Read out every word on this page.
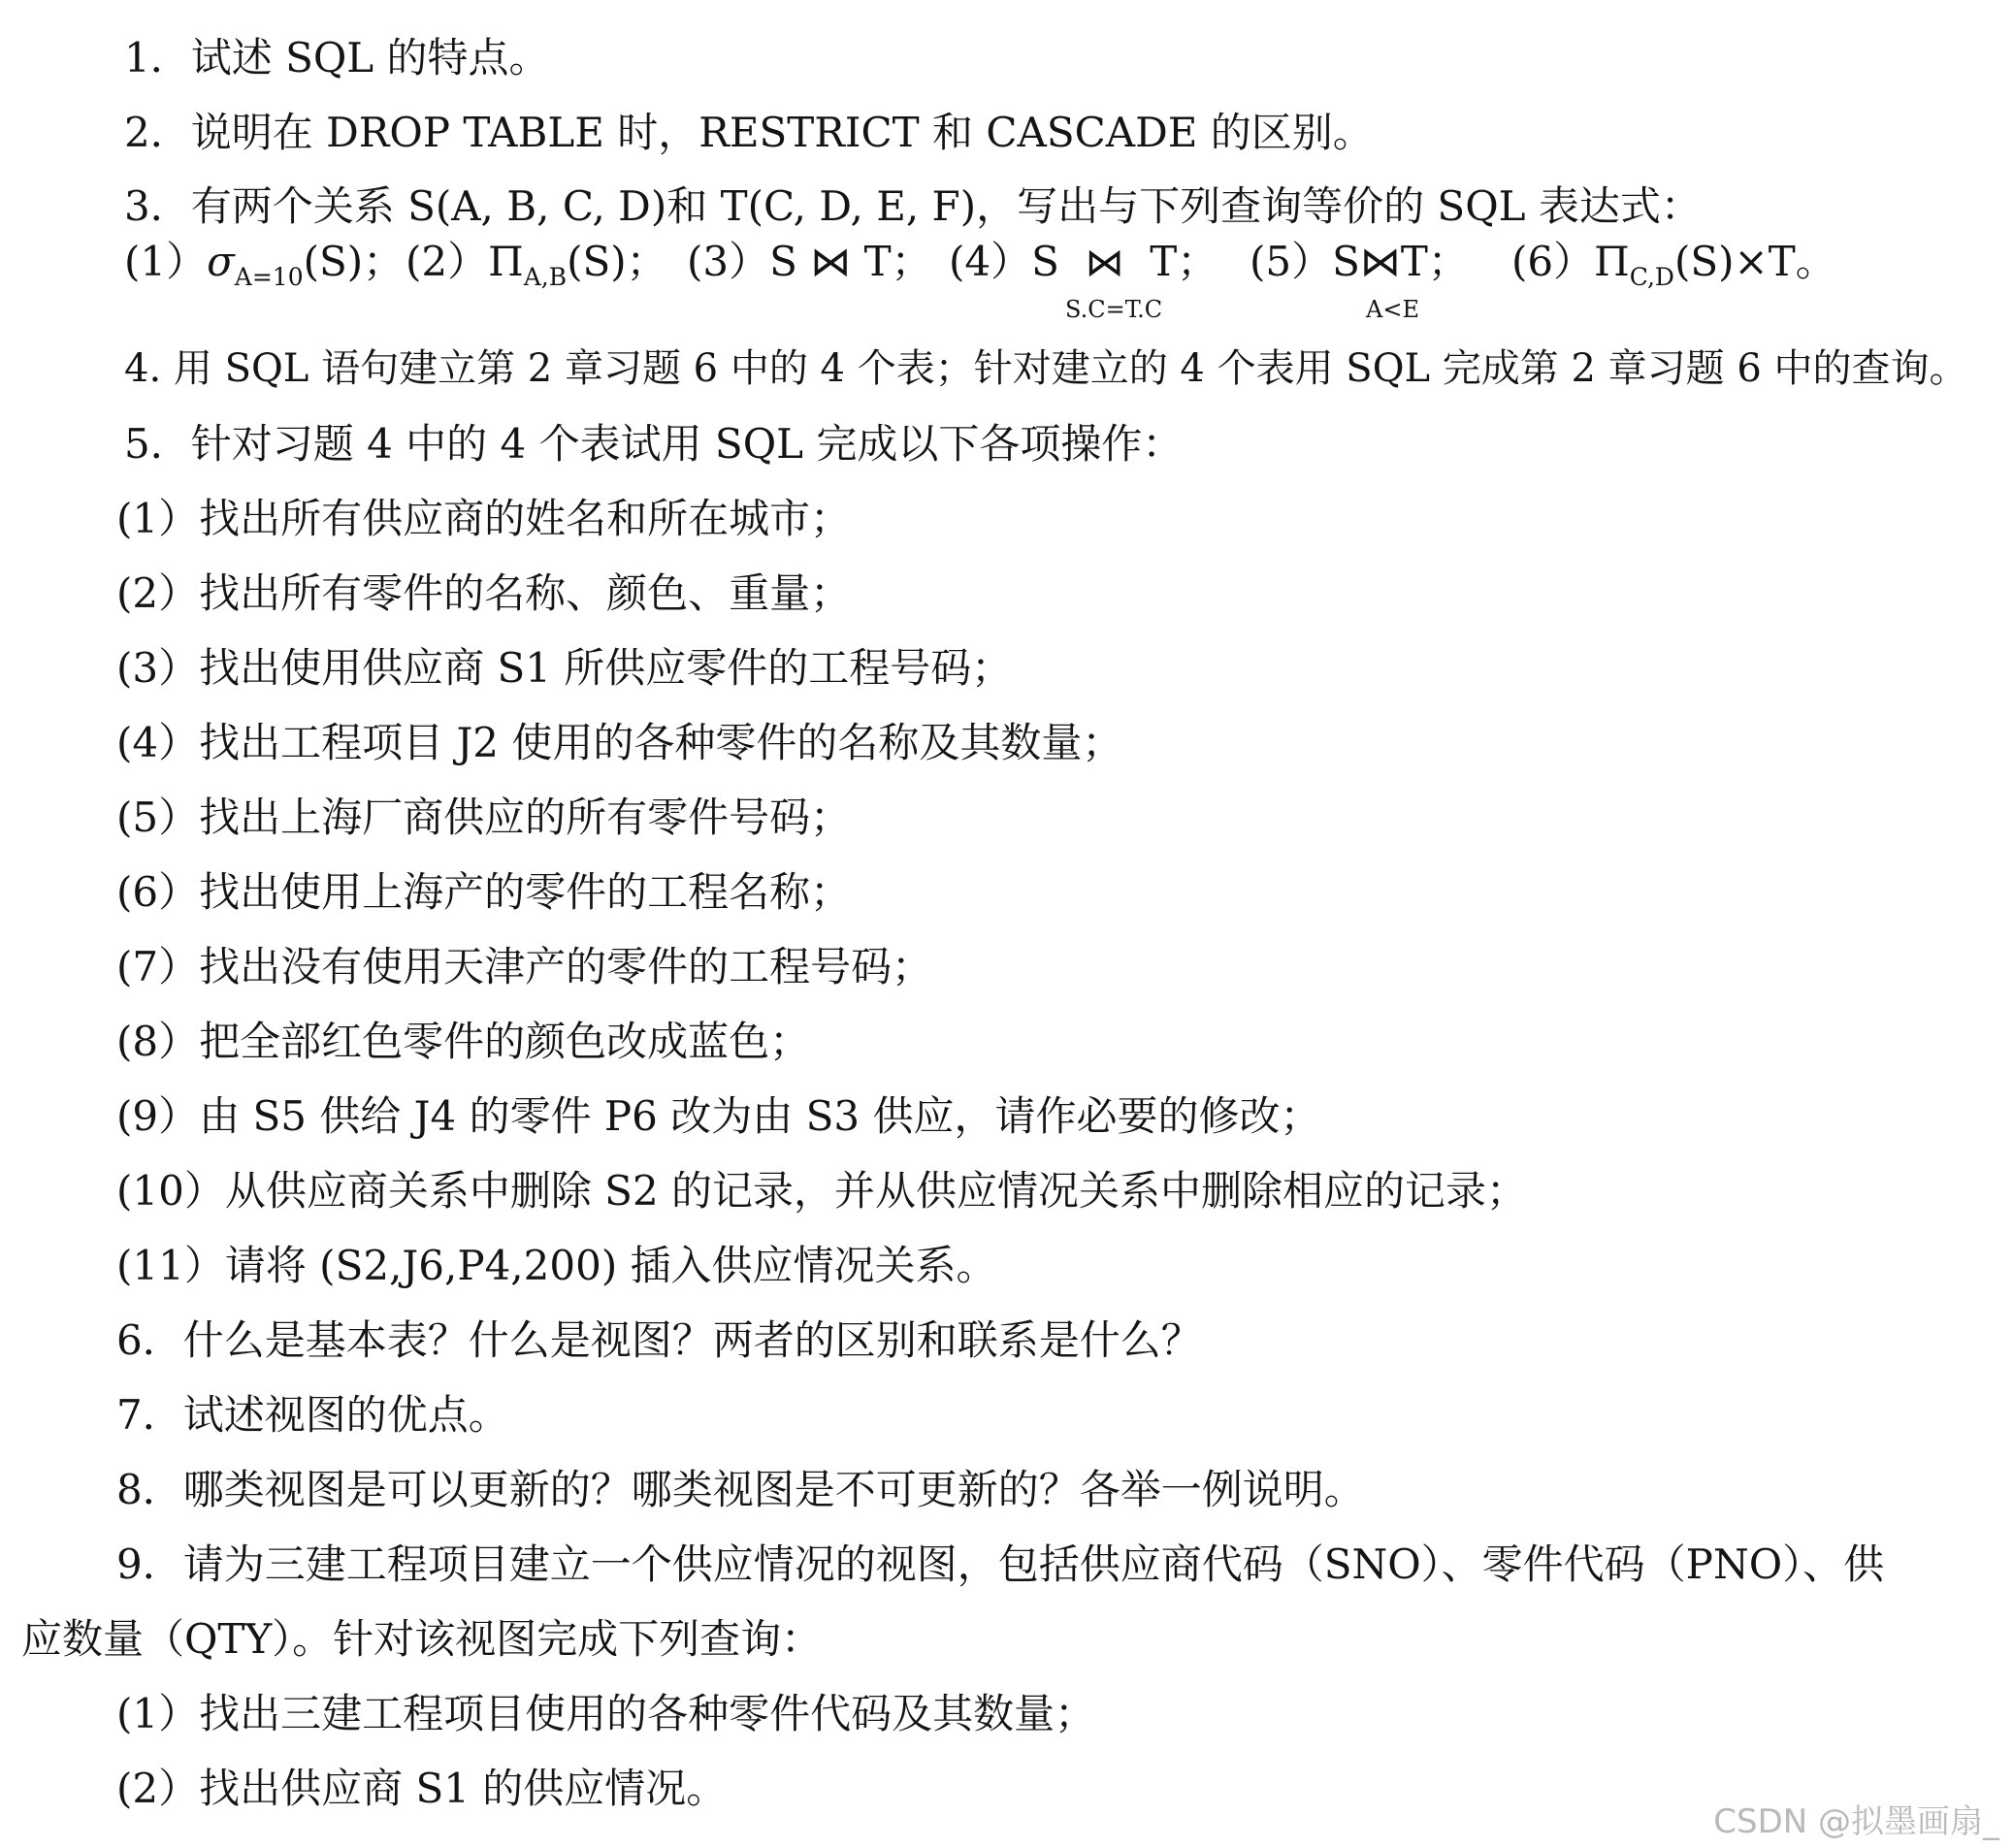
1．试述 SQL 的特点。
2．说明在 DROP TABLE 时，RESTRICT 和 CASCADE 的区别。
3．有两个关系 S(A, B, C, D)和 T(C, D, E, F)，写出与下列查询等价的 SQL 表达式：
$(1)\sigma_{A=10}(S)$； $(2)\Pi_{A,B}(S)$； (3）S ⋈ T； (4）S ⋈ T；
S.C=T.C
(5）S⋈T；
A<E
$(6)\Pi_{C,D}(S)\times T$。
4. 用 SQL 语句建立第 2 章习题 6 中的 4 个表；针对建立的 4 个表用 SQL 完成第 2 章习题 6 中的查询。
5．针对习题 4 中的 4 个表试用 SQL 完成以下各项操作：
(1）找出所有供应商的姓名和所在城市；
(2）找出所有零件的名称、颜色、重量；
(3）找出使用供应商 S1 所供应零件的工程号码；
(4）找出工程项目 J2 使用的各种零件的名称及其数量；
(5）找出上海厂商供应的所有零件号码；
(6）找出使用上海产的零件的工程名称；
(7）找出没有使用天津产的零件的工程号码；
(8）把全部红色零件的颜色改成蓝色；
(9）由 S5 供给 J4 的零件 P6 改为由 S3 供应，请作必要的修改；
(10）从供应商关系中删除 S2 的记录，并从供应情况关系中删除相应的记录；
(11）请将 (S2,J6,P4,200) 插入供应情况关系。
6．什么是基本表？什么是视图？两者的区别和联系是什么？
7．试述视图的优点。
8．哪类视图是可以更新的？哪类视图是不可更新的？各举一例说明。
9．请为三建工程项目建立一个供应情况的视图，包括供应商代码（SNO）、零件代码（PNO）、供
应数量（QTY）。针对该视图完成下列查询：
(1）找出三建工程项目使用的各种零件代码及其数量；
(2）找出供应商 S1 的供应情况。
CSDN @拟墨画扇_
